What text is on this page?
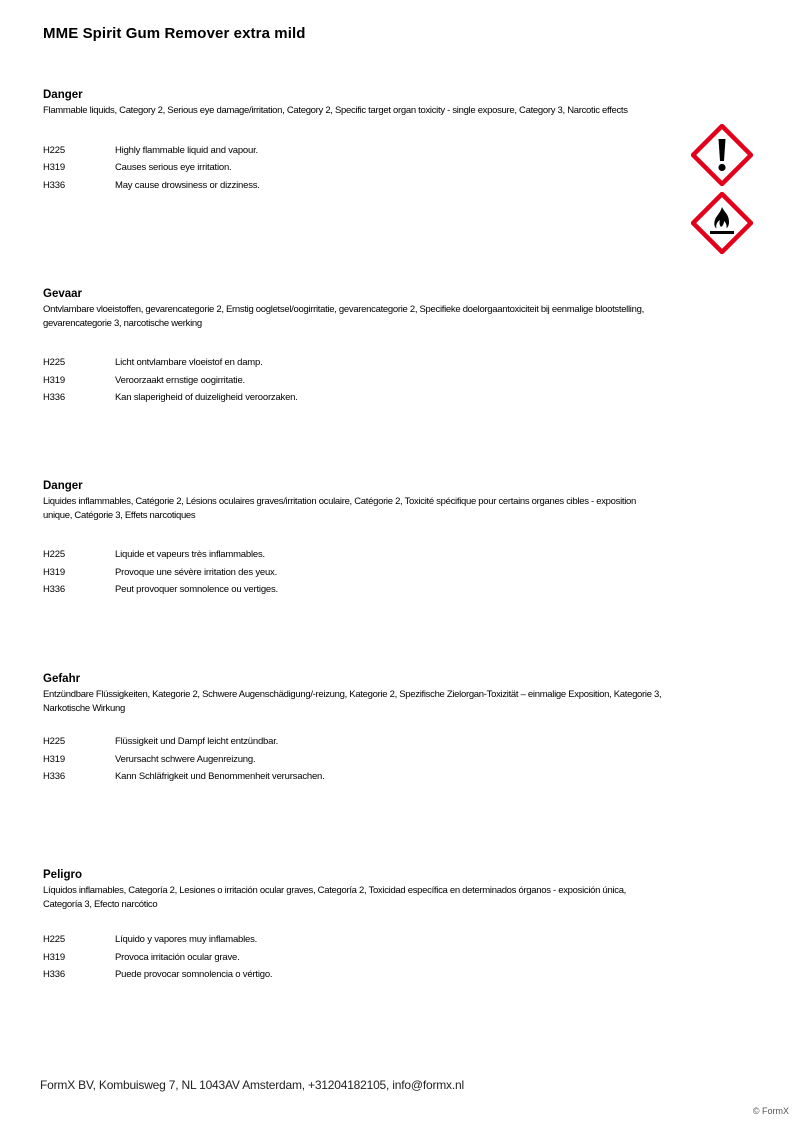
MME Spirit Gum Remover extra mild

Danger

Flammable liquids, Category 2, Serious eye damage/irritation, Category 2, Specific target organ toxicity - single exposure, Category 3, Narcotic effects

H225	Highly flammable liquid and vapour.
H319	Causes serious eye irritation.
H336	May cause drowsiness or dizziness.

Gevaar

Ontvlambare vloeistoffen, gevarencategorie 2, Ernstig oogletsel/oogirritatie, gevarencategorie 2, Specifieke doelorgaantoxiciteit bij eenmalige blootstelling, gevarencategorie 3, narcotische werking

H225	Licht ontvlambare vloeistof en damp.
H319	Veroorzaakt ernstige oogirritatie.
H336	Kan slaperigheid of duizeligheid veroorzaken.

Danger

Liquides inflammables, Catégorie 2, Lésions oculaires graves/irritation oculaire, Catégorie 2, Toxicité spécifique pour certains organes cibles - exposition unique, Catégorie 3, Effets narcotiques

H225	Liquide et vapeurs très inflammables.
H319	Provoque une sévère irritation des yeux.
H336	Peut provoquer somnolence ou vertiges.

Gefahr

Entzündbare Flüssigkeiten, Kategorie 2, Schwere Augenschädigung/-reizung, Kategorie 2, Spezifische Zielorgan-Toxizität – einmalige Exposition, Kategorie 3, Narkotische Wirkung

H225	Flüssigkeit und Dampf leicht entzündbar.
H319	Verursacht schwere Augenreizung.
H336	Kann Schläfrigkeit und Benommenheit verursachen.

Peligro

Líquidos inflamables, Categoría 2, Lesiones o irritación ocular graves, Categoría 2, Toxicidad específica en determinados órganos - exposición única, Categoría 3, Efecto narcótico

H225	Líquido y vapores muy inflamables.
H319	Provoca irritación ocular grave.
H336	Puede provocar somnolencia o vértigo.
FormX BV, Kombuisweg 7, NL 1043AV Amsterdam, +31204182105, info@formx.nl
© FormX
